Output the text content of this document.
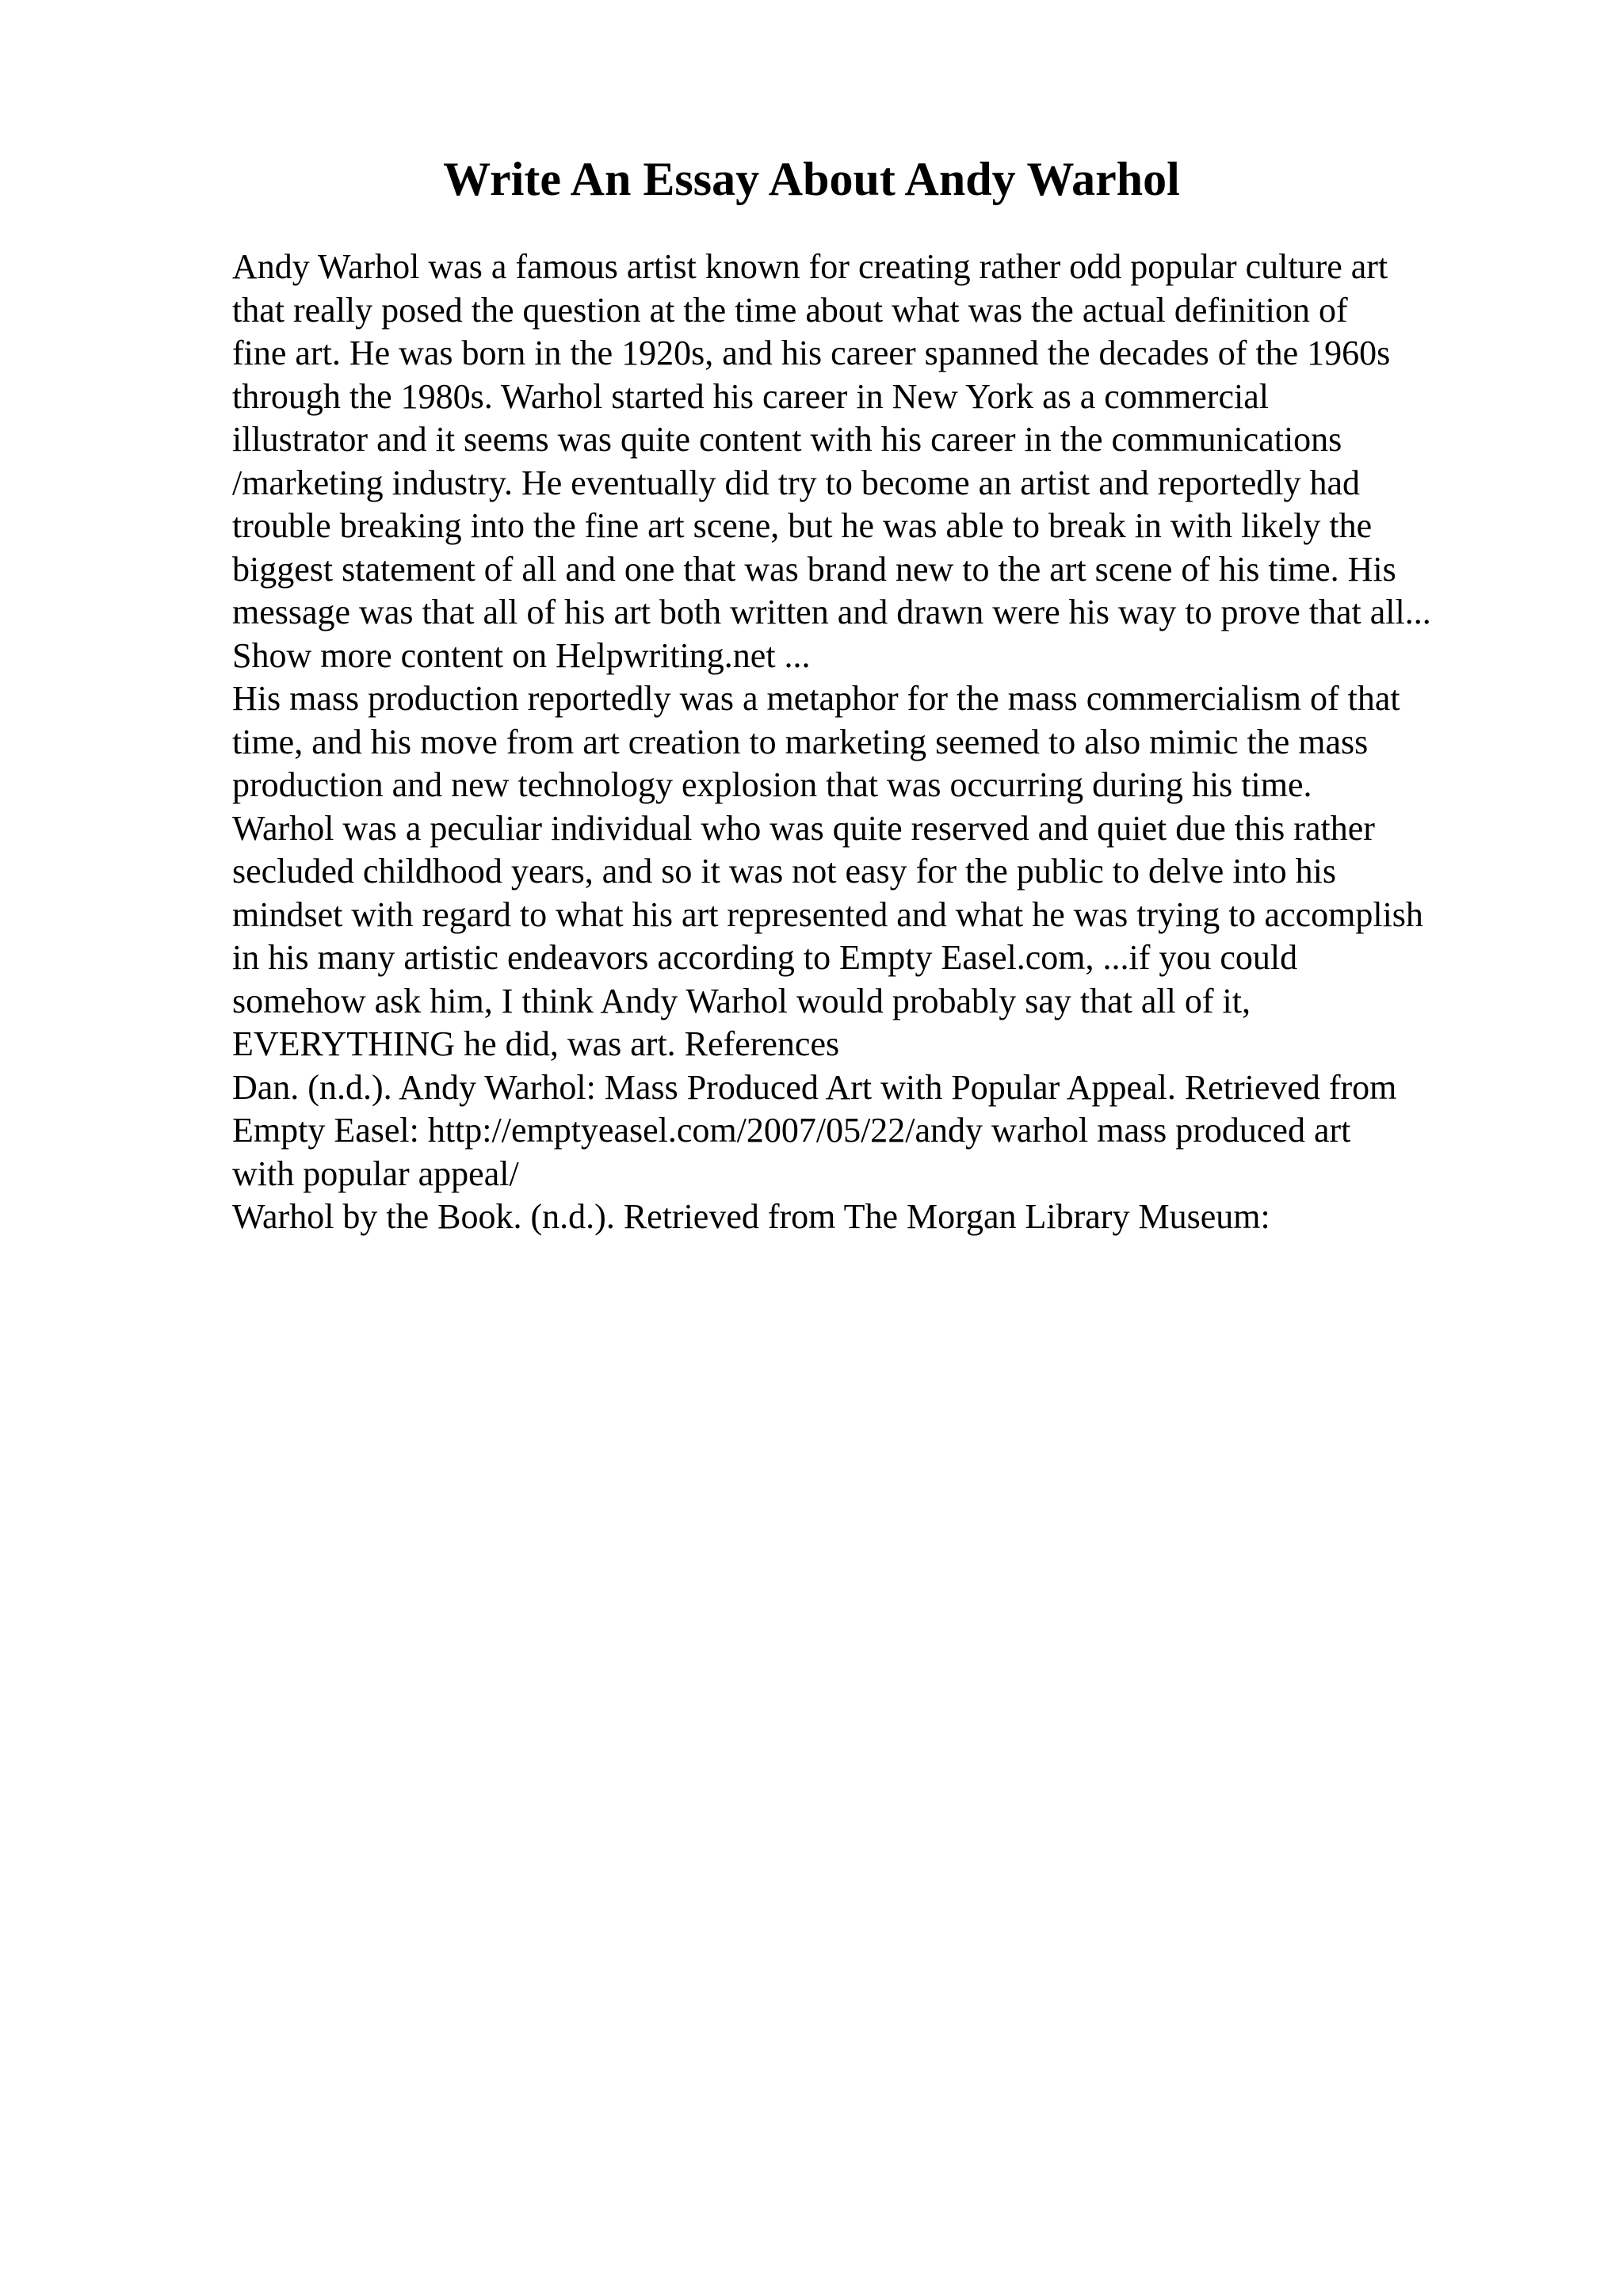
Write An Essay About Andy Warhol
Andy Warhol was a famous artist known for creating rather odd popular culture art
that really posed the question at the time about what was the actual definition of
fine art. He was born in the 1920s, and his career spanned the decades of the 1960s
through the 1980s. Warhol started his career in New York as a commercial
illustrator and it seems was quite content with his career in the communications
/marketing industry. He eventually did try to become an artist and reportedly had
trouble breaking into the fine art scene, but he was able to break in with likely the
biggest statement of all and one that was brand new to the art scene of his time. His
message was that all of his art both written and drawn were his way to prove that all...
Show more content on Helpwriting.net ...
His mass production reportedly was a metaphor for the mass commercialism of that
time, and his move from art creation to marketing seemed to also mimic the mass
production and new technology explosion that was occurring during his time.
Warhol was a peculiar individual who was quite reserved and quiet due this rather
secluded childhood years, and so it was not easy for the public to delve into his
mindset with regard to what his art represented and what he was trying to accomplish
in his many artistic endeavors according to Empty Easel.com, ...if you could
somehow ask him, I think Andy Warhol would probably say that all of it,
EVERYTHING he did, was art. References
Dan. (n.d.). Andy Warhol: Mass Produced Art with Popular Appeal. Retrieved from
Empty Easel: http://emptyeasel.com/2007/05/22/andy warhol mass produced art
with popular appeal/
Warhol by the Book. (n.d.). Retrieved from The Morgan Library Museum:
